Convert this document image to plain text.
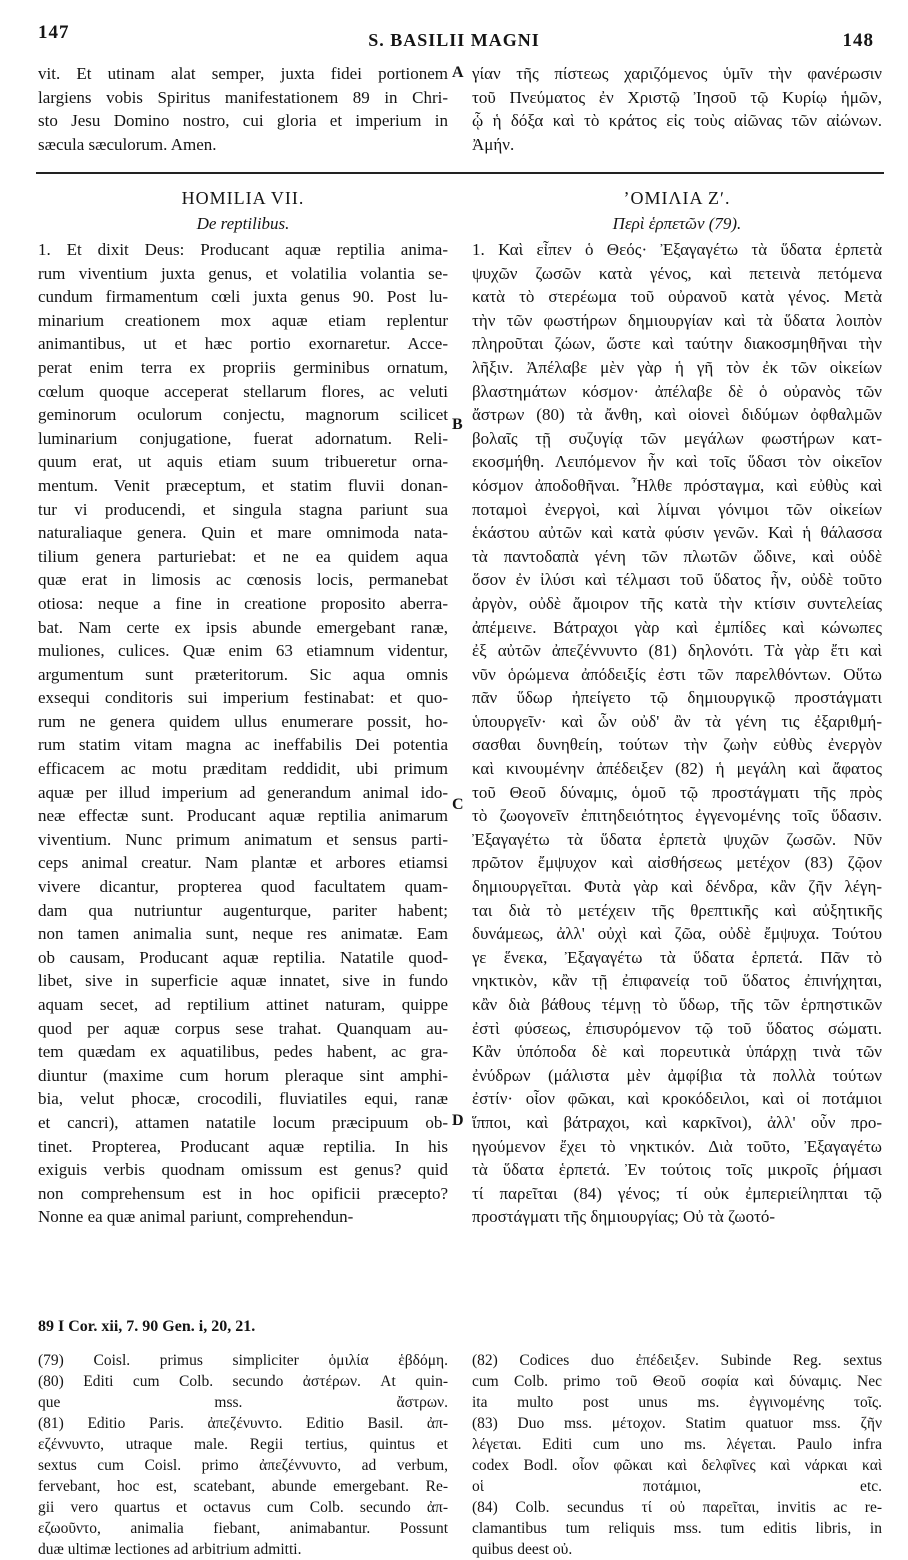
147	S. BASILII MAGNI	148
vit. Et utinam alat semper, juxta fidei portionem
largiens vobis Spiritus manifestationem 89 in Chri-
sto Jesu Domino nostro, cui gloria et imperium in
sæcula sæculorum. Amen.
γίαν τῆς πίστεως χαριζόμενος ὑμῖν τὴν φανέρωσιν
τοῦ Πνεύματος ἐν Χριστῷ Ἰησοῦ τῷ Κυρίῳ ἡμῶν,
ᾧ ἡ δόξα καὶ τὸ κράτος εἰς τοὺς αἰῶνας τῶν αἰώνων.
Ἀμήν.
A
B
C
D
HOMILIA VII.
De reptilibus.
ʼΟΜΙΛΙΑ Ζʹ.
Περὶ ἑρπετῶν (79).
1. Et dixit Deus: Producant aquæ reptilia anima-
rum viventium juxta genus, et volatilia volantia se-
cundum firmamentum cœli juxta genus 90. Post lu-
minarium creationem mox aquæ etiam replentur
animantibus, ut et hæc portio exornaretur. Acce-
perat enim terra ex propriis germinibus ornatum,
cœlum quoque acceperat stellarum flores, ac veluti
geminorum oculorum conjectu, magnorum scilicet
luminarium conjugatione, fuerat adornatum. Reli-
quum erat, ut aquis etiam suum tribueretur orna-
mentum. Venit præceptum, et statim fluvii donan-
tur vi producendi, et singula stagna pariunt sua
naturaliaque genera. Quin et mare omnimoda nata-
tilium genera parturiebat: et ne ea quidem aqua
quæ erat in limosis ac cœnosis locis, permanebat
otiosa: neque a fine in creatione proposito aberra-
bat. Nam certe ex ipsis abunde emergebant ranæ,
muliones, culices. Quæ enim 63 etiamnum videntur,
argumentum sunt præteritorum. Sic aqua omnis
exsequi conditoris sui imperium festinabat: et quo-
rum ne genera quidem ullus enumerare possit, ho-
rum statim vitam magna ac ineffabilis Dei potentia
efficacem ac motu præditam reddidit, ubi primum
aquæ per illud imperium ad generandum animal ido-
neæ effectæ sunt. Producant aquæ reptilia animarum
viventium. Nunc primum animatum et sensus parti-
ceps animal creatur. Nam plantæ et arbores etiamsi
vivere dicantur, propterea quod facultatem quam-
dam qua nutriuntur augenturque, pariter habent;
non tamen animalia sunt, neque res animatæ. Eam
ob causam, Producant aquæ reptilia. Natatile quod-
libet, sive in superficie aquæ innatet, sive in fundo
aquam secet, ad reptilium attinet naturam, quippe
quod per aquæ corpus sese trahat. Quanquam au-
tem quædam ex aquatilibus, pedes habent, ac gra-
diuntur (maxime cum horum pleraque sint amphi-
bia, velut phocæ, crocodili, fluviatiles equi, ranæ
et cancri), attamen natatile locum præcipuum ob-
tinet. Propterea, Producant aquæ reptilia. In his
exiguis verbis quodnam omissum est genus? quid
non comprehensum est in hoc opificii præcepto?
Nonne ea quæ animal pariunt, comprehendun-
1. Καὶ εἶπεν ὁ Θεός· Ἐξαγαγέτω τὰ ὕδατα ἑρπετὰ
ψυχῶν ζωσῶν κατὰ γένος, καὶ πετεινὰ πετόμενα
κατὰ τὸ στερέωμα τοῦ οὐρανοῦ κατὰ γένος. Μετὰ
τὴν τῶν φωστήρων δημιουργίαν καὶ τὰ ὕδατα λοιπὸν
πληροῦται ζώων, ὥστε καὶ ταύτην διακοσμηθῆναι τὴν
λῆξιν. Ἀπέλαβε μὲν γὰρ ἡ γῆ τὸν ἐκ τῶν οἰκείων
βλαστημάτων κόσμον· ἀπέλαβε δὲ ὁ οὐρανὸς τῶν
ἄστρων (80) τὰ ἄνθη, καὶ οἱονεὶ διδύμων ὀφθαλμῶν
βολαῖς τῇ συζυγίᾳ τῶν μεγάλων φωστήρων κατ-
εκοσμήθη. Λειπόμενον ἦν καὶ τοῖς ὕδασι τὸν οἰκεῖον
κόσμον ἀποδοθῆναι. Ἦλθε πρόσταγμα, καὶ εὐθὺς καὶ
ποταμοὶ ἐνεργοὶ, καὶ λίμναι γόνιμοι τῶν οἰκείων
ἑκάστου αὐτῶν καὶ κατὰ φύσιν γενῶν. Καὶ ἡ θάλασσα
τὰ παντοδαπὰ γένη τῶν πλωτῶν ὤδινε, καὶ οὐδὲ
ὅσον ἐν ἰλύσι καὶ τέλμασι τοῦ ὕδατος ἦν, οὐδὲ τοῦτο
ἀργὸν, οὐδὲ ἄμοιρον τῆς κατὰ τὴν κτίσιν συντελείας
ἀπέμεινε. Βάτραχοι γὰρ καὶ ἐμπίδες καὶ κώνωπες
ἐξ αὐτῶν ἀπεζέννυντο (81) δηλονότι. Τὰ γὰρ ἔτι καὶ
νῦν ὁρώμενα ἀπόδειξίς ἐστι τῶν παρελθόντων. Οὕτω
πᾶν ὕδωρ ἠπείγετο τῷ δημιουργικῷ προστάγματι
ὑπουργεῖν· καὶ ὧν οὐδ' ἂν τὰ γένη τις ἐξαριθμή-
σασθαι δυνηθείη, τούτων τὴν ζωὴν εὐθὺς ἐνεργὸν
καὶ κινουμένην ἀπέδειξεν (82) ἡ μεγάλη καὶ ἄφατος
τοῦ Θεοῦ δύναμις, ὁμοῦ τῷ προστάγματι τῆς πρὸς
τὸ ζωογονεῖν ἐπιτηδειότητος ἐγγενομένης τοῖς ὕδασιν.
Ἐξαγαγέτω τὰ ὕδατα ἑρπετὰ ψυχῶν ζωσῶν. Νῦν
πρῶτον ἔμψυχον καὶ αἰσθήσεως μετέχον (83) ζῷον
δημιουργεῖται. Φυτὰ γὰρ καὶ δένδρα, κἂν ζῆν λέγη-
ται διὰ τὸ μετέχειν τῆς θρεπτικῆς καὶ αὐξητικῆς
δυνάμεως, ἀλλ' οὐχὶ καὶ ζῶα, οὐδὲ ἔμψυχα. Τούτου
γε ἕνεκα, Ἐξαγαγέτω τὰ ὕδατα ἑρπετά. Πᾶν τὸ
νηκτικὸν, κἂν τῇ ἐπιφανείᾳ τοῦ ὕδατος ἐπινήχηται,
κἂν διὰ βάθους τέμνῃ τὸ ὕδωρ, τῆς τῶν ἑρπηστικῶν
ἐστὶ φύσεως, ἐπισυρόμενον τῷ τοῦ ὕδατος σώματι.
Κἂν ὑπόποδα δὲ καὶ πορευτικὰ ὑπάρχῃ τινὰ τῶν
ἐνύδρων (μάλιστα μὲν ἀμφίβια τὰ πολλὰ τούτων
ἐστίν· οἷον φῶκαι, καὶ κροκόδειλοι, καὶ οἱ ποτάμιοι
ἵπποι, καὶ βάτραχοι, καὶ καρκῖνοι), ἀλλ' οὖν προ-
ηγούμενον ἔχει τὸ νηκτικόν. Διὰ τοῦτο, Ἐξαγαγέτω
τὰ ὕδατα ἑρπετά. Ἐν τούτοις τοῖς μικροῖς ῥήμασι
τί παρεῖται (84) γένος; τί οὐκ ἐμπεριείληπται τῷ
προστάγματι τῆς δημιουργίας; Οὐ τὰ ζωοτό-
89 I Cor. xii, 7. 90 Gen. i, 20, 21.
(79) Coisl. primus simpliciter ὁμιλία ἑβδόμη.
(80) Editi cum Colb. secundo ἀστέρων. At quin-
que mss. ἄστρων.
(81) Editio Paris. ἀπεζένυντο. Editio Basil. ἀπ-
εζέννυντο, utraque male. Regii tertius, quintus et
sextus cum Coisl. primo ἀπεζέννυντο, ad verbum,
fervebant, hoc est, scatebant, abunde emergebant. Re-
gii vero quartus et octavus cum Colb. secundo ἀπ-
εζωοῦντο, animalia fiebant, animabantur. Possunt
duæ ultimæ lectiones ad arbitrium admitti.
(82) Codices duo ἐπέδειξεν. Subinde Reg. sextus
cum Colb. primo τοῦ Θεοῦ σοφία καὶ δύναμις. Nec
ita multo post unus ms. ἐγγινομένης τοῖς.
(83) Duo mss. μέτοχον. Statim quatuor mss. ζῆν
λέγεται. Editi cum uno ms. λέγεται. Paulo infra
codex Bodl. οἷον φῶκαι καὶ δελφῖνες καὶ νάρκαι καὶ
οἱ ποτάμιοι, etc.
(84) Colb. secundus τί οὐ παρεῖται, invitis ac re-
clamantibus tum reliquis mss. tum editis libris, in
quibus deest οὐ.
